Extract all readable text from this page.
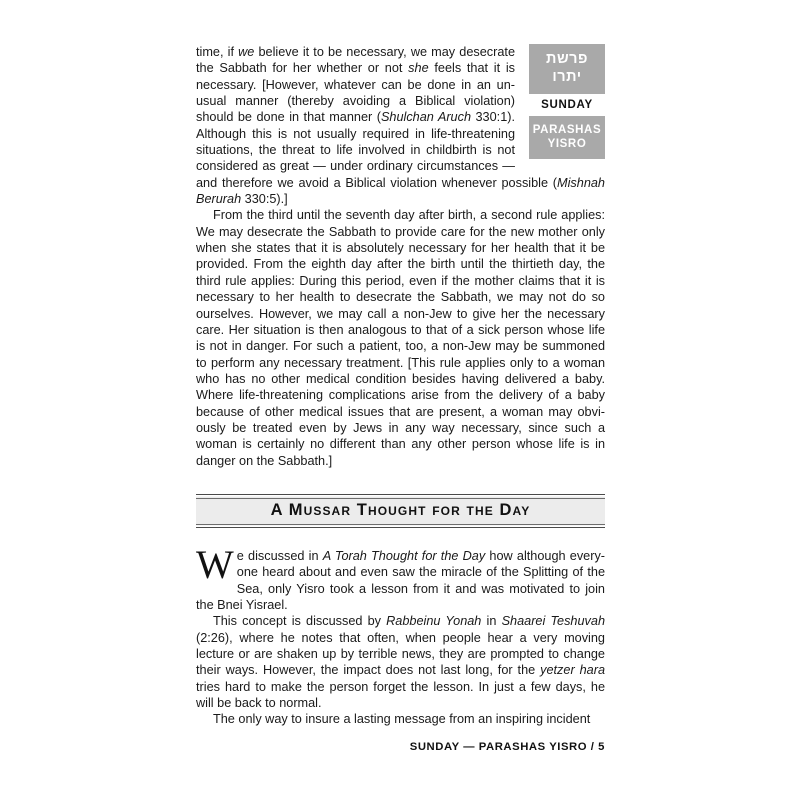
פרשת
יתרו
SUNDAY
PARASHAS
YISRO

time, if we believe it to be necessary, we may desecrate the Sabbath for her whether or not she feels that it is necessary. [However, whatever can be done in an un-usual manner (thereby avoiding a Biblical violation) should be done in that manner (Shulchan Aruch 330:1). Although this is not usually required in life-threatening situations, the threat to life involved in childbirth is not considered as great — under ordinary circumstances — and therefore we avoid a Biblical violation whenever possible (Mishnah Berurah 330:5).]

From the third until the seventh day after birth, a second rule applies: We may desecrate the Sabbath to provide care for the new mother only when she states that it is absolutely necessary for her health that it be provided. From the eighth day after the birth until the thirtieth day, the third rule applies: During this period, even if the mother claims that it is necessary to her health to desecrate the Sabbath, we may not do so ourselves. However, we may call a non-Jew to give her the necessary care. Her situation is then analogous to that of a sick person whose life is not in danger. For such a patient, too, a non-Jew may be summoned to perform any necessary treatment. [This rule applies only to a woman who has no other medical condition besides having delivered a baby. Where life-threatening complications arise from the delivery of a baby because of other medical issues that are present, a woman may obvi-ously be treated even by Jews in any way necessary, since such a woman is certainly no different than any other person whose life is in danger on the Sabbath.]

A Mussar Thought for the Day

We discussed in A Torah Thought for the Day how although every-one heard about and even saw the miracle of the Splitting of the Sea, only Yisro took a lesson from it and was motivated to join the Bnei Yisrael.

This concept is discussed by Rabbeinu Yonah in Shaarei Teshuvah (2:26), where he notes that often, when people hear a very moving lecture or are shaken up by terrible news, they are prompted to change their ways. However, the impact does not last long, for the yetzer hara tries hard to make the person forget the lesson. In just a few days, he will be back to normal.

The only way to insure a lasting message from an inspiring incident

SUNDAY — PARASHAS YISRO / 5
